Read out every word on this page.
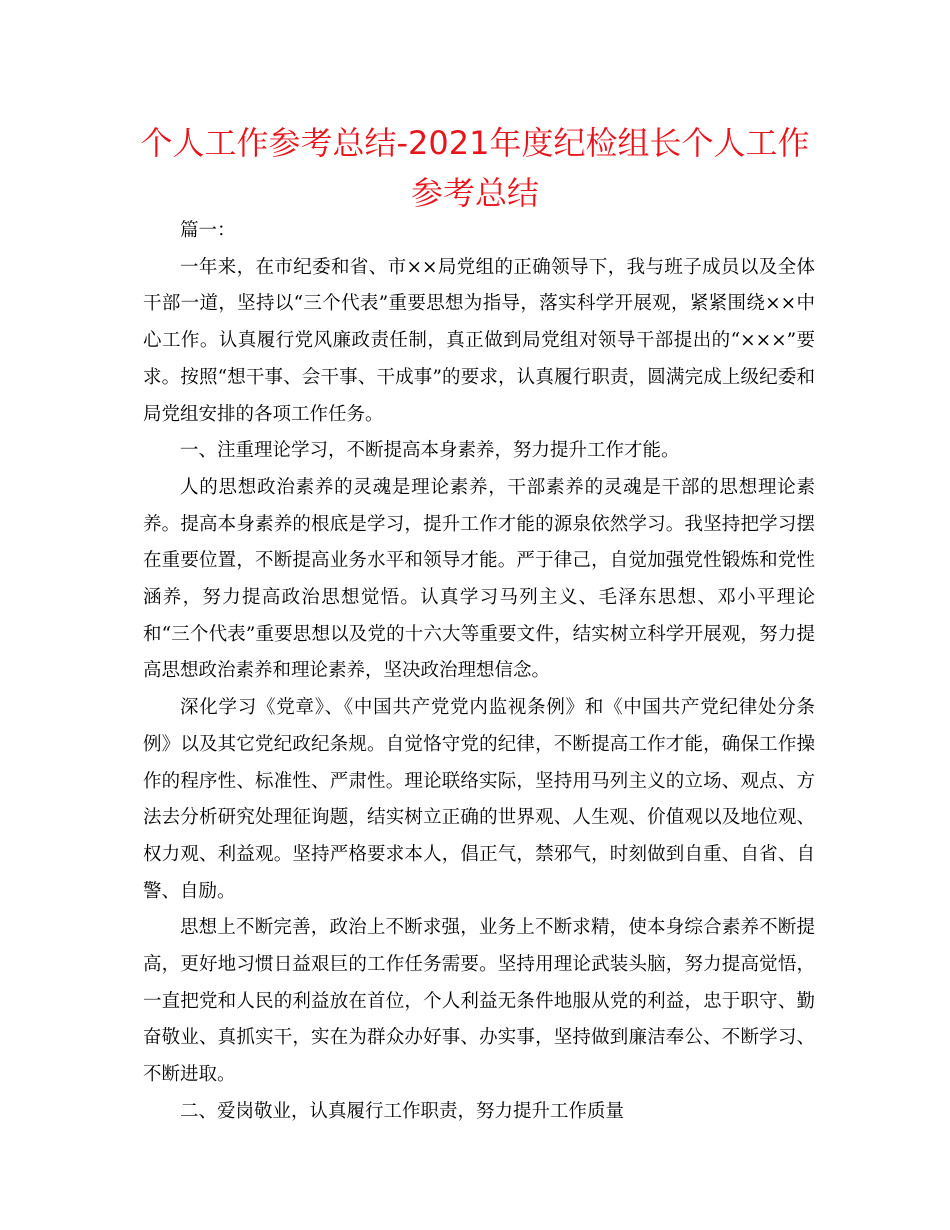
个人工作参考总结-2021年度纪检组长个人工作参考总结

篇一：

一年来，在市纪委和省、市××局党组的正确领导下，我与班子成员以及全体干部一道，坚持以“三个代表”重要思想为指导，落实科学开展观，紧紧围绕××中心工作。认真履行党风廉政责任制，真正做到局党组对领导干部提出的“×××”要求。按照“想干事、会干事、干成事”的要求，认真履行职责，圆满完成上级纪委和局党组安排的各项工作任务。

一、注重理论学习，不断提高本身素养，努力提升工作才能。

人的思想政治素养的灵魂是理论素养，干部素养的灵魂是干部的思想理论素养。提高本身素养的根底是学习，提升工作才能的源泉依然学习。我坚持把学习摆在重要位置，不断提高业务水平和领导才能。严于律己，自觉加强党性锻炼和党性涵养，努力提高政治思想觉悟。认真学习马列主义、毛泽东思想、邓小平理论和“三个代表”重要思想以及党的十六大等重要文件，结实树立科学开展观，努力提高思想政治素养和理论素养，坚决政治理想信念。

深化学习《党章》、《中国共产党党内监视条例》和《中国共产党纪律处分条例》以及其它党纪政纪条规。自觉恪守党的纪律，不断提高工作才能，确保工作操作的程序性、标准性、严肃性。理论联络实际，坚持用马列主义的立场、观点、方法去分析研究处理征询题，结实树立正确的世界观、人生观、价值观以及地位观、权力观、利益观。坚持严格要求本人，倡正气，禁邪气，时刻做到自重、自省、自警、自励。

思想上不断完善，政治上不断求强，业务上不断求精，使本身综合素养不断提高，更好地习惯日益艰巨的工作任务需要。坚持用理论武装头脑，努力提高觉悟，一直把党和人民的利益放在首位，个人利益无条件地服从党的利益，忠于职守、勤奋敬业、真抓实干，实在为群众办好事、办实事，坚持做到廉洁奉公、不断学习、不断进取。

二、爱岗敬业，认真履行工作职责，努力提升工作质量
